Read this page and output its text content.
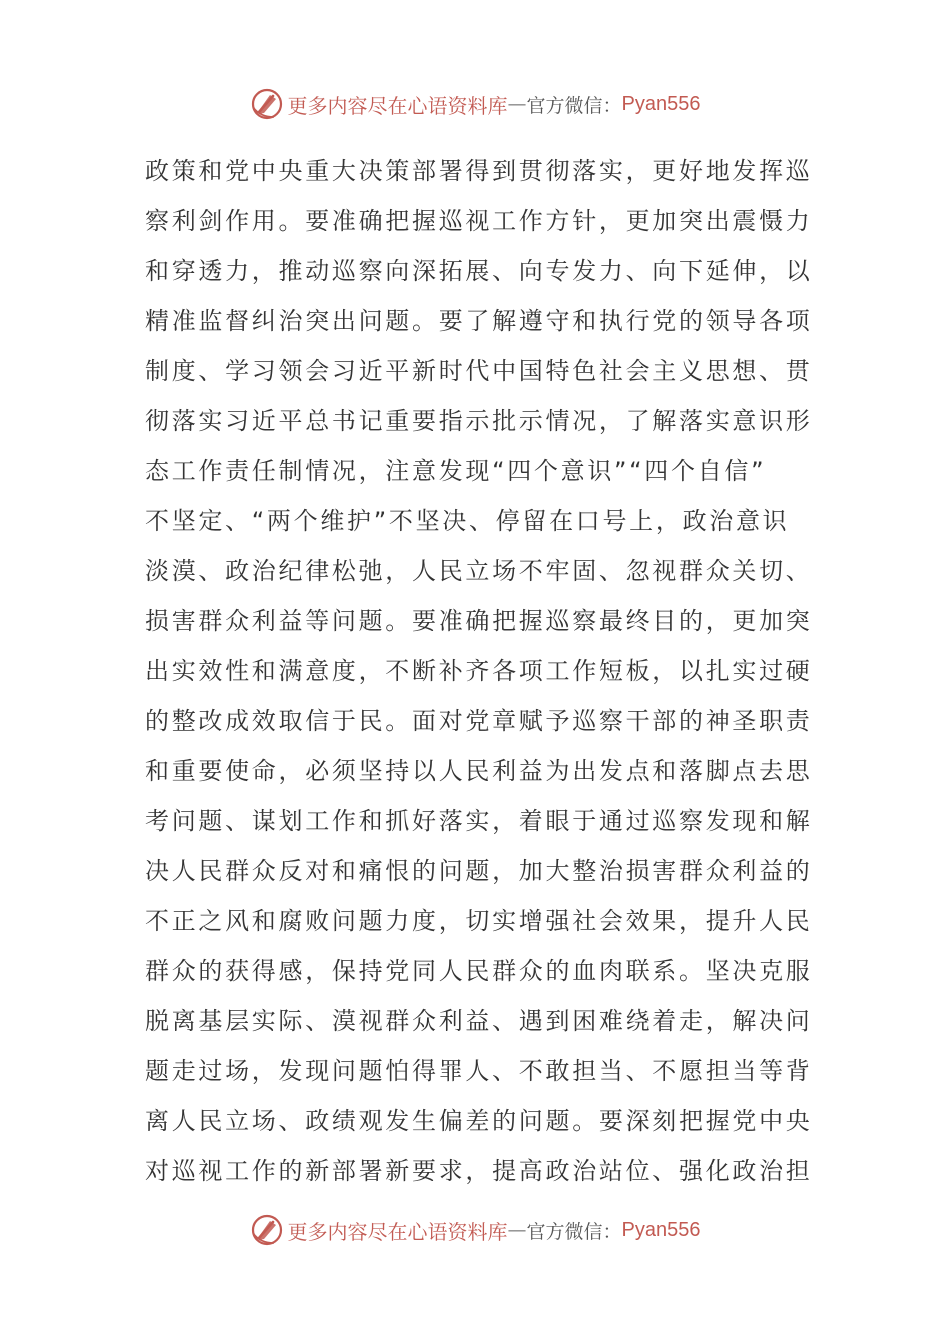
更多内容尽在心语资料库 — 官方微信： Pyan556
政策和党中央重大决策部署得到贯彻落实，更好地发挥巡
察利剑作用。要准确把握巡视工作方针，更加突出震慑力
和穿透力，推动巡察向深拓展、向专发力、向下延伸，以
精准监督纠治突出问题。要了解遵守和执行党的领导各项
制度、学习领会习近平新时代中国特色社会主义思想、贯
彻落实习近平总书记重要指示批示情况，了解落实意识形
态工作责任制情况，注意发现“四个意识”“四个自信”
不坚定、“两个维护”不坚决、停留在口号上，政治意识
淡漠、政治纪律松弛，人民立场不牢固、忽视群众关切、
损害群众利益等问题。要准确把握巡察最终目的，更加突
出实效性和满意度，不断补齐各项工作短板，以扎实过硬
的整改成效取信于民。面对党章赋予巡察干部的神圣职责
和重要使命，必须坚持以人民利益为出发点和落脚点去思
考问题、谋划工作和抓好落实，着眼于通过巡察发现和解
决人民群众反对和痛恨的问题，加大整治损害群众利益的
不正之风和腐败问题力度，切实增强社会效果，提升人民
群众的获得感，保持党同人民群众的血肉联系。坚决克服
脱离基层实际、漠视群众利益、遇到困难绕着走，解决问
题走过场，发现问题怕得罪人、不敢担当、不愿担当等背
离人民立场、政绩观发生偏差的问题。要深刻把握党中央
对巡视工作的新部署新要求，提高政治站位、强化政治担
更多内容尽在心语资料库 — 官方微信： Pyan556
